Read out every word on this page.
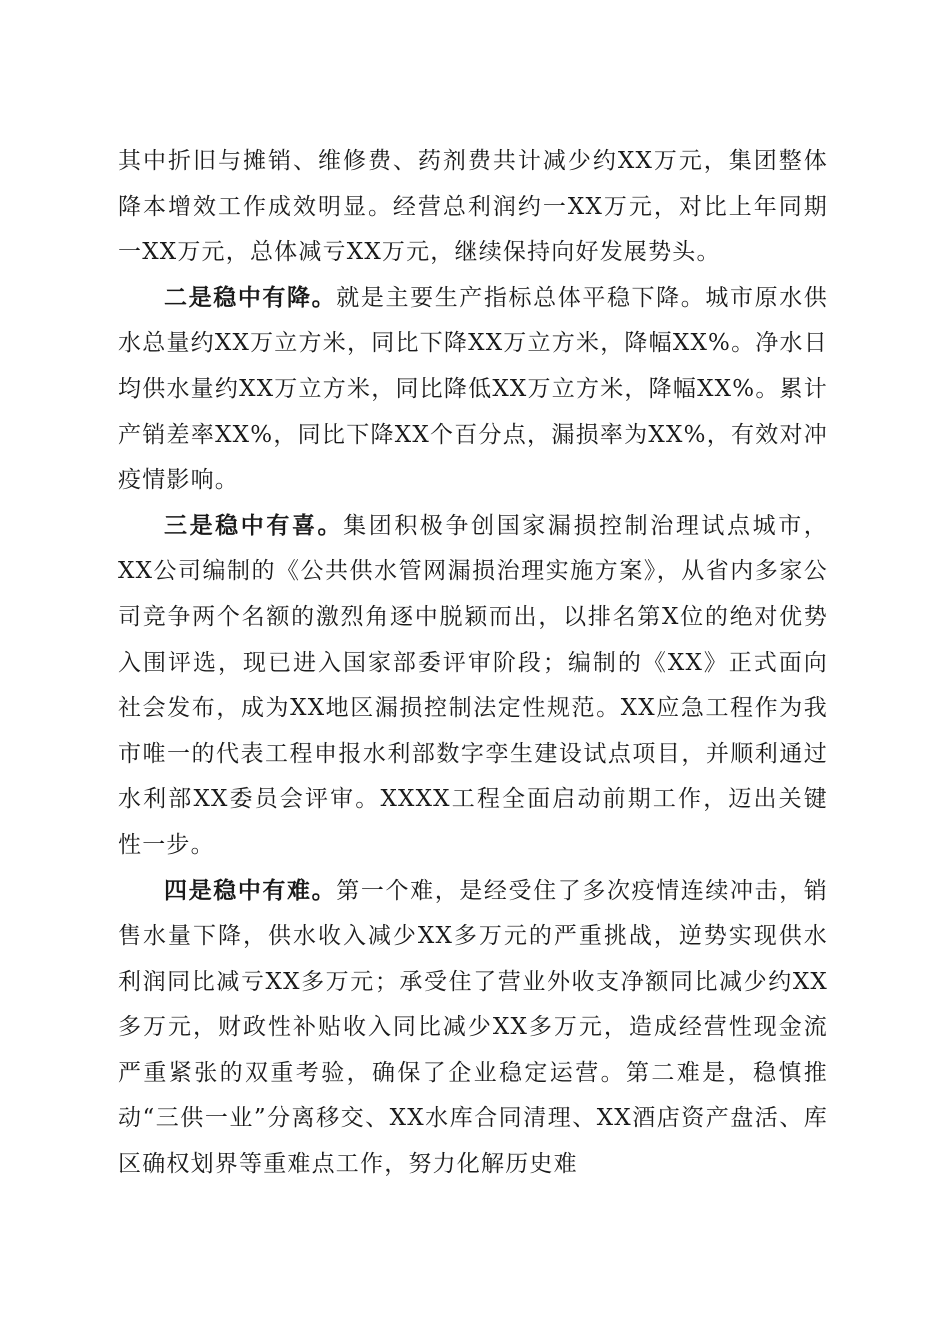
其中折旧与摊销、维修费、药剂费共计减少约XX万元，集团整体降本增效工作成效明显。经营总利润约一XX万元，对比上年同期一XX万元，总体减亏XX万元，继续保持向好发展势头。

二是稳中有降。就是主要生产指标总体平稳下降。城市原水供水总量约XX万立方米，同比下降XX万立方米，降幅XX%。净水日均供水量约XX万立方米，同比降低XX万立方米，降幅XX%。累计产销差率XX%，同比下降XX个百分点，漏损率为XX%，有效对冲疫情影响。

三是稳中有喜。集团积极争创国家漏损控制治理试点城市，XX公司编制的《公共供水管网漏损治理实施方案》，从省内多家公司竞争两个名额的激烈角逐中脱颖而出，以排名第X位的绝对优势入围评选，现已进入国家部委评审阶段；编制的《XX》正式面向社会发布，成为XX地区漏损控制法定性规范。XX应急工程作为我市唯一的代表工程申报水利部数字孪生建设试点项目，并顺利通过水利部XX委员会评审。XXXX工程全面启动前期工作，迈出关键性一步。

四是稳中有难。第一个难，是经受住了多次疫情连续冲击，销售水量下降，供水收入减少XX多万元的严重挑战，逆势实现供水利润同比减亏XX多万元；承受住了营业外收支净额同比减少约XX多万元，财政性补贴收入同比减少XX多万元，造成经营性现金流严重紧张的双重考验，确保了企业稳定运营。第二难是，稳慎推动“三供一业”分离移交、XX水库合同清理、XX酒店资产盘活、库区确权划界等重难点工作，努力化解历史难
